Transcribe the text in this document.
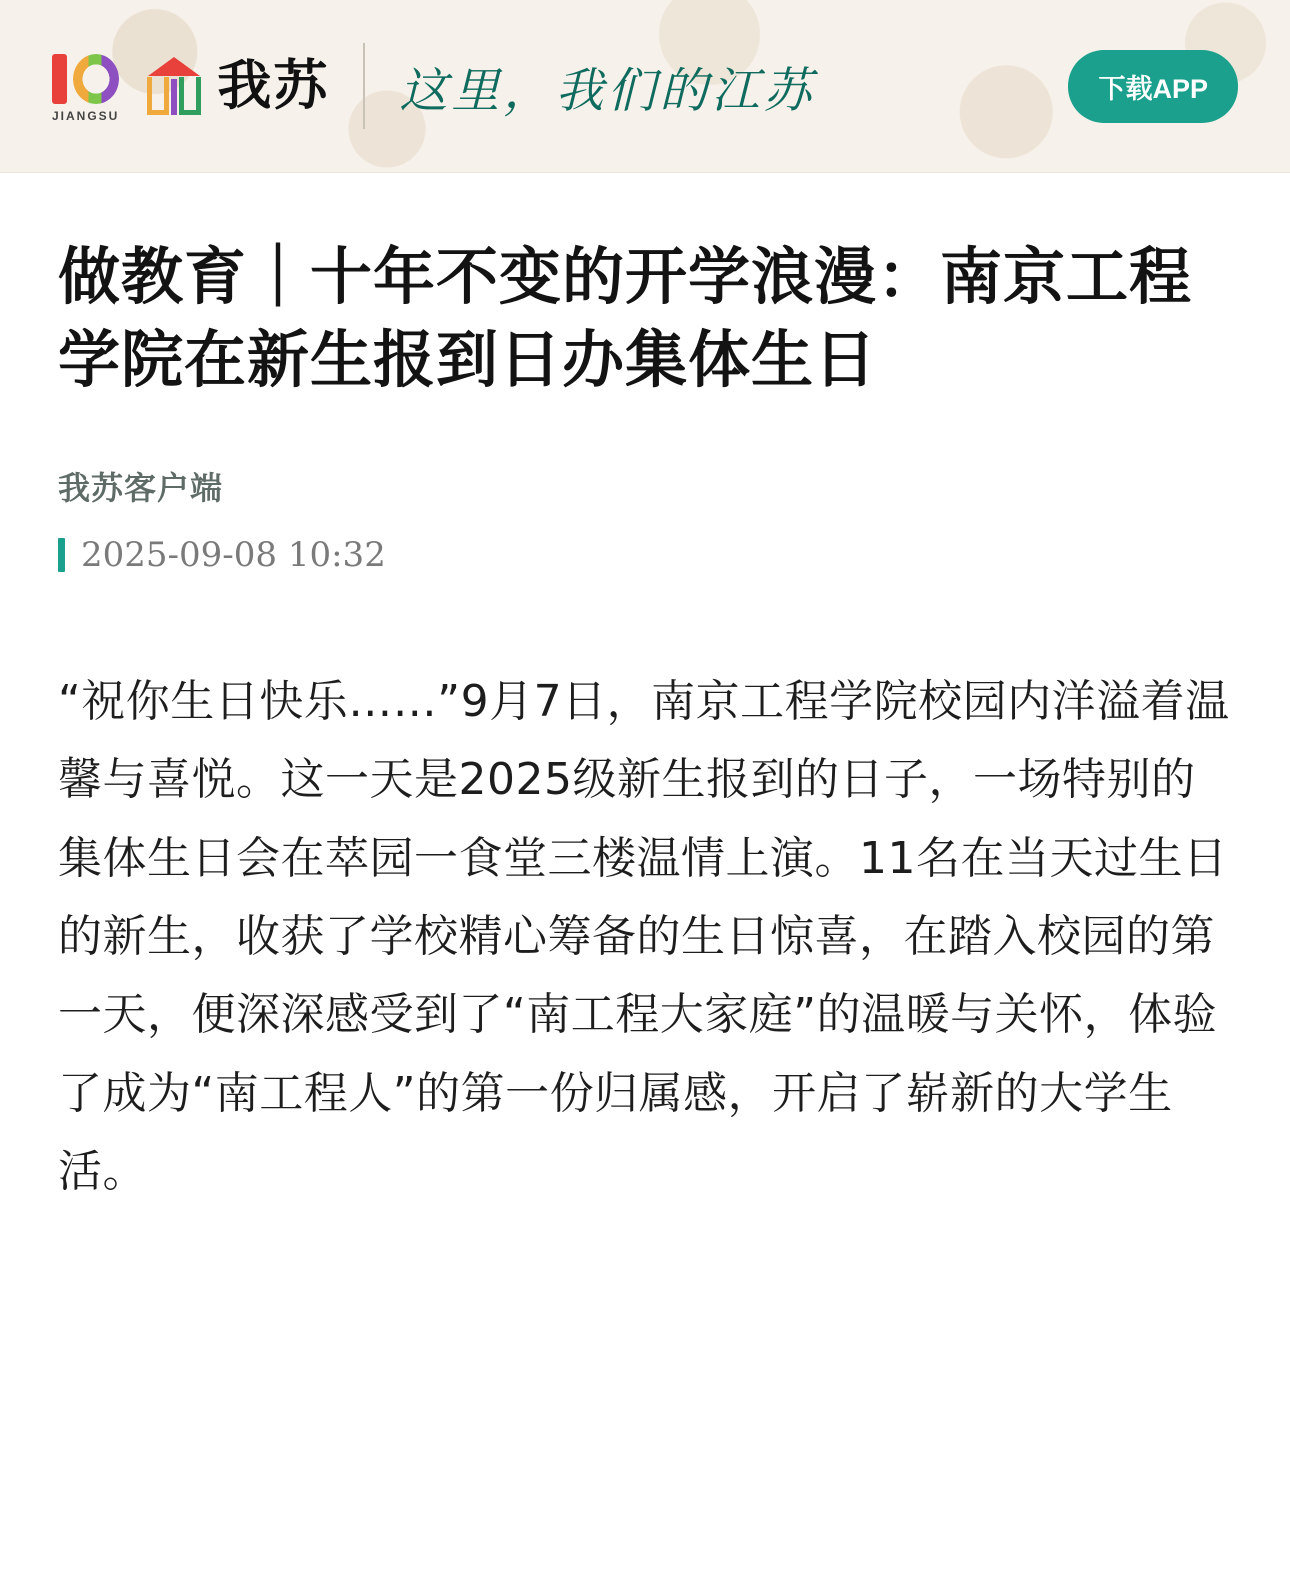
JIANGSU 我苏 这里，我们的江苏	下载APP
做教育｜十年不变的开学浪漫：南京工程学院在新生报到日办集体生日
我苏客户端
2025-09-08 10:32

“祝你生日快乐……”9月7日，南京工程学院校园内洋溢着温馨与喜悦。这一天是2025级新生报到的日子，一场特别的集体生日会在萃园一食堂三楼温情上演。11名在当天过生日的新生，收获了学校精心筹备的生日惊喜，在踏入校园的第一天，便深深感受到了“南工程大家庭”的温暖与关怀，体验了成为“南工程人”的第一份归属感，开启了崭新的大学生活。
